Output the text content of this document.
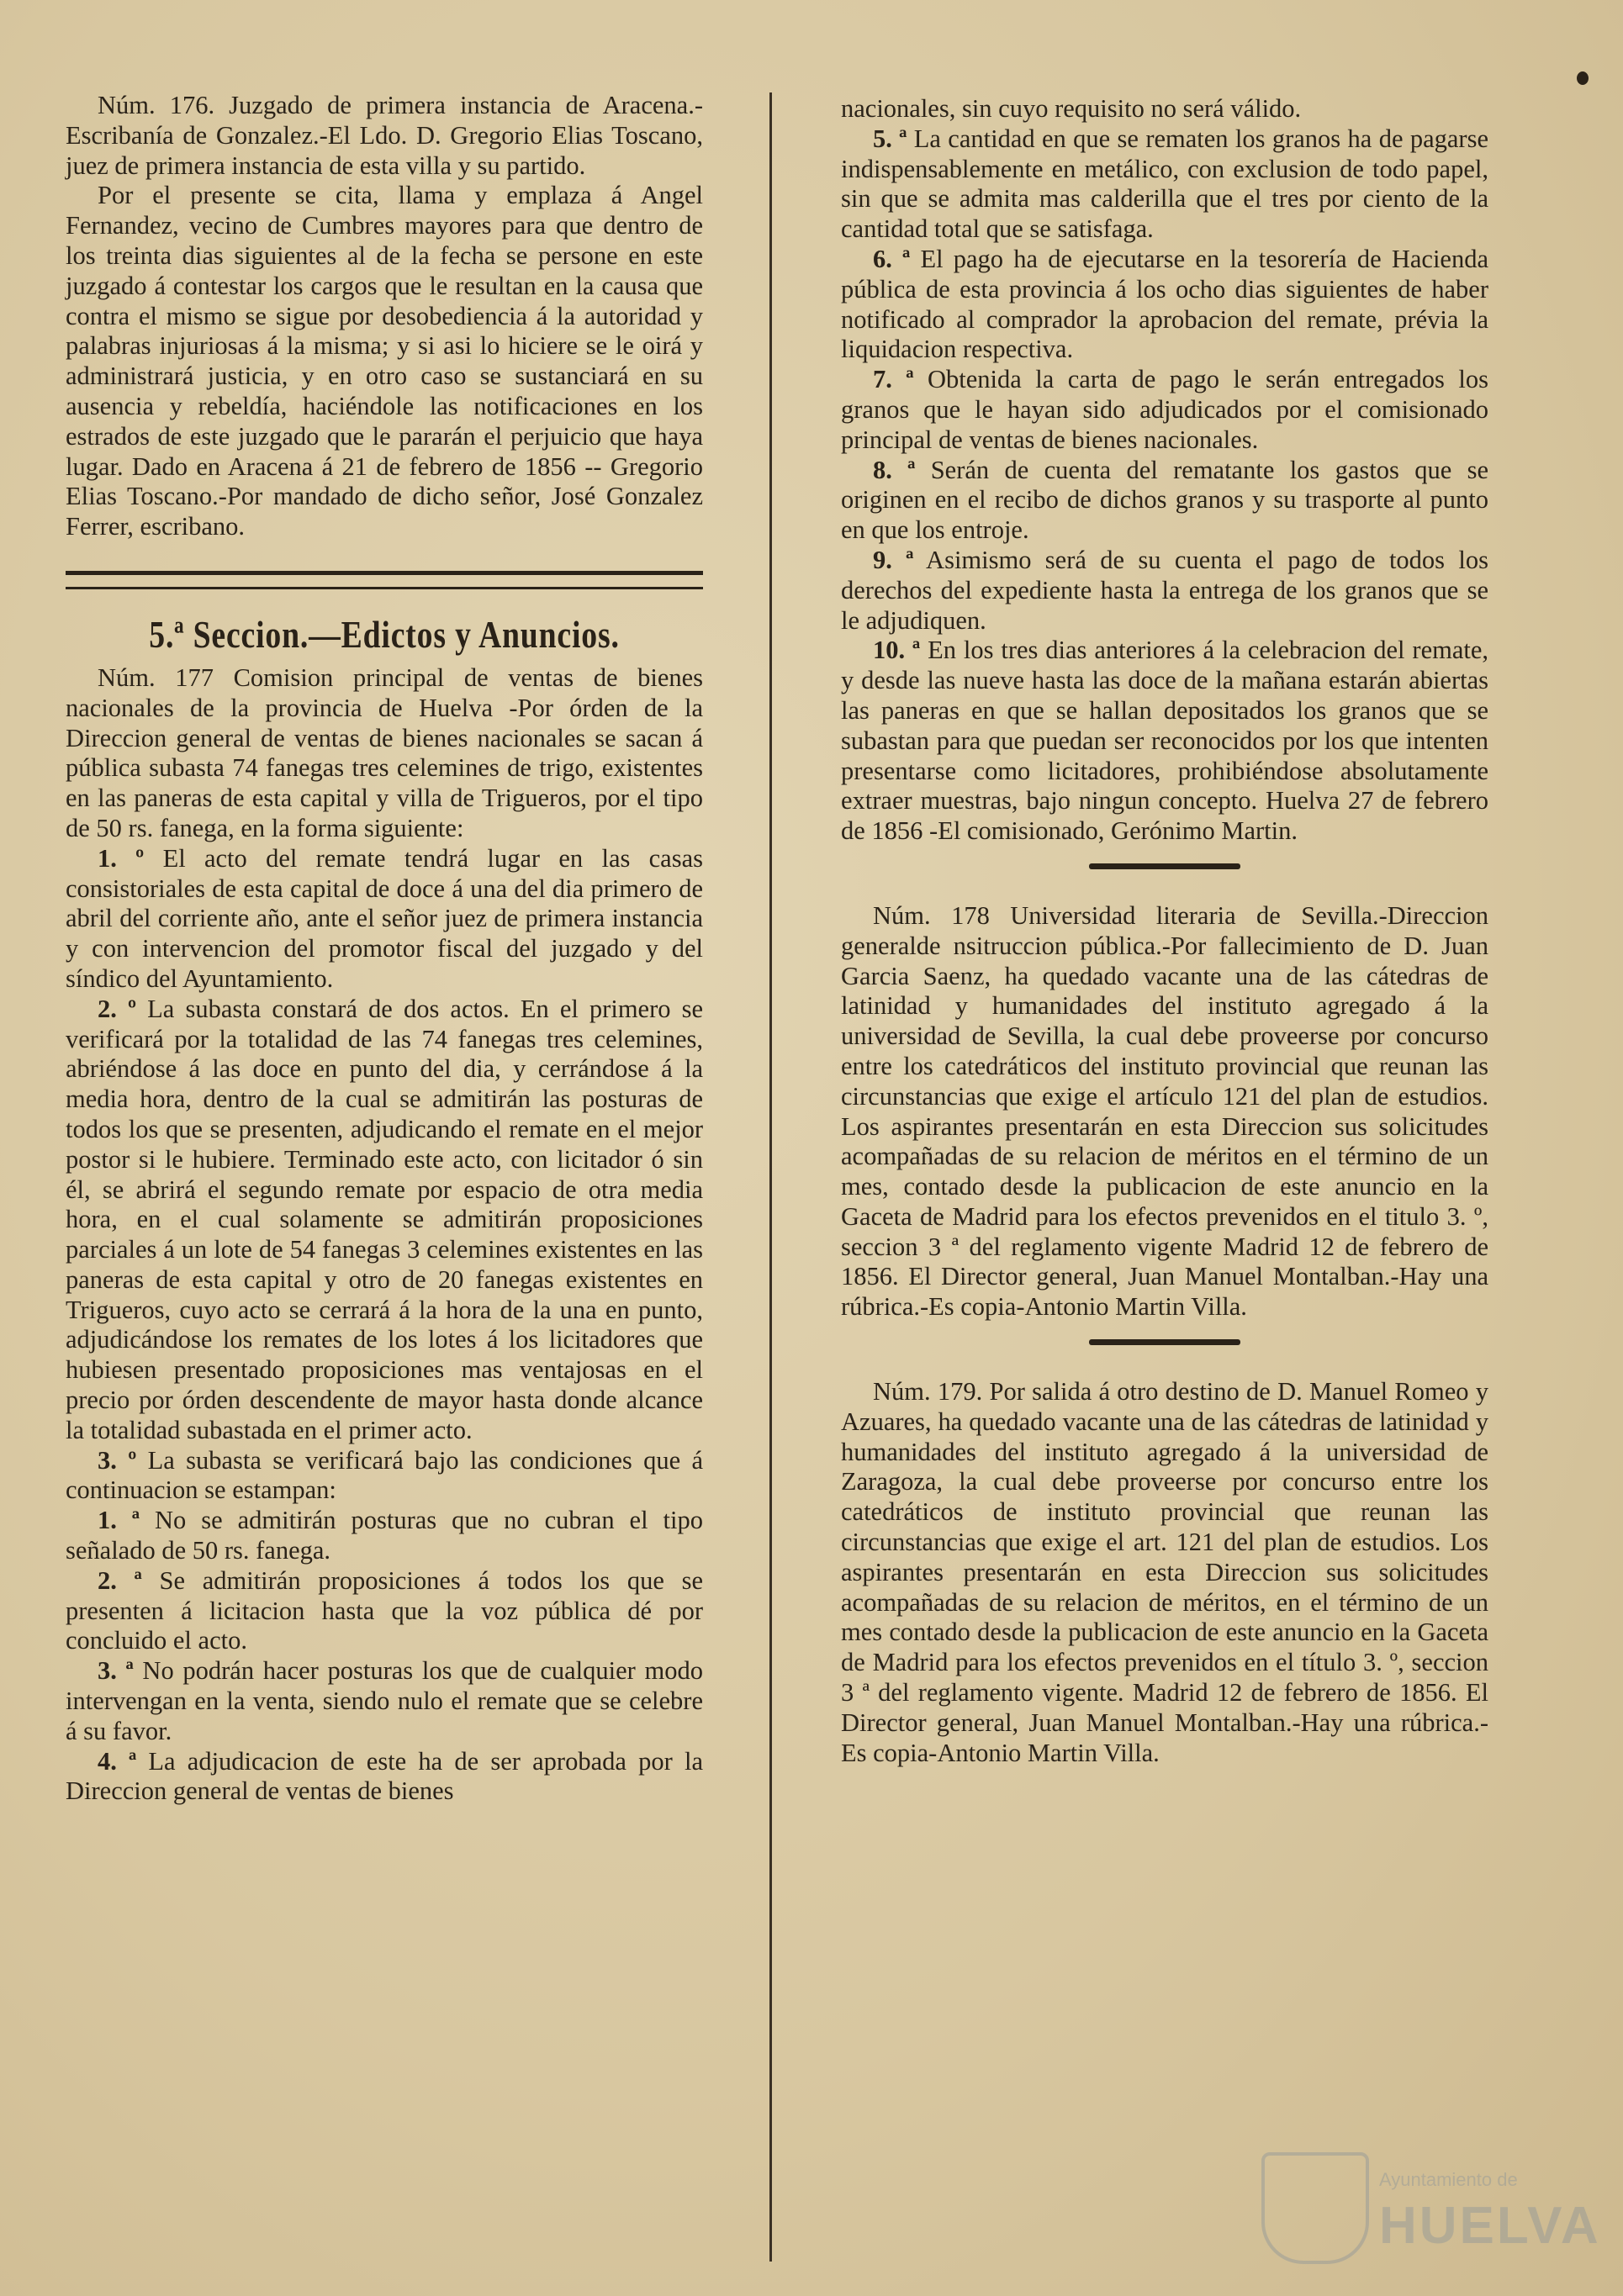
Núm. 176. Juzgado de primera instancia de Aracena.-Escribanía de Gonzalez.-El Ldo. D. Gregorio Elias Toscano, juez de primera instancia de esta villa y su partido.

Por el presente se cita, llama y emplaza á Angel Fernandez, vecino de Cumbres mayores para que dentro de los treinta dias siguientes al de la fecha se persone en este juzgado á contestar los cargos que le resultan en la causa que contra el mismo se sigue por desobediencia á la autoridad y palabras injuriosas á la misma; y si asi lo hiciere se le oirá y administrará justicia, y en otro caso se sustanciará en su ausencia y rebeldía, haciéndole las notificaciones en los estrados de este juzgado que le pararán el perjuicio que haya lugar. Dado en Aracena á 21 de febrero de 1856 -- Gregorio Elias Toscano.-Por mandado de dicho señor, José Gonzalez Ferrer, escribano.

5.ª Seccion.—Edictos y Anuncios.

Núm. 177 Comision principal de ventas de bienes nacionales de la provincia de Huelva -Por órden de la Direccion general de ventas de bienes nacionales se sacan á pública subasta 74 fanegas tres celemines de trigo, existentes en las paneras de esta capital y villa de Trigueros, por el tipo de 50 rs. fanega, en la forma siguiente:

1. º El acto del remate tendrá lugar en las casas consistoriales de esta capital de doce á una del dia primero de abril del corriente año, ante el señor juez de primera instancia y con intervencion del promotor fiscal del juzgado y del síndico del Ayuntamiento.

2. º La subasta constará de dos actos. En el primero se verificará por la totalidad de las 74 fanegas tres celemines, abriéndose á las doce en punto del dia, y cerrándose á la media hora, dentro de la cual se admitirán las posturas de todos los que se presenten, adjudicando el remate en el mejor postor si le hubiere. Terminado este acto, con licitador ó sin él, se abrirá el segundo remate por espacio de otra media hora, en el cual solamente se admitirán proposiciones parciales á un lote de 54 fanegas 3 celemines existentes en las paneras de esta capital y otro de 20 fanegas existentes en Trigueros, cuyo acto se cerrará á la hora de la una en punto, adjudicándose los remates de los lotes á los licitadores que hubiesen presentado proposiciones mas ventajosas en el precio por órden descendente de mayor hasta donde alcance la totalidad subastada en el primer acto.

3. º La subasta se verificará bajo las condiciones que á continuacion se estampan:

1. ª No se admitirán posturas que no cubran el tipo señalado de 50 rs. fanega.

2. ª Se admitirán proposiciones á todos los que se presenten á licitacion hasta que la voz pública dé por concluido el acto.

3. ª No podrán hacer posturas los que de cualquier modo intervengan en la venta, siendo nulo el remate que se celebre á su favor.

4. ª La adjudicacion de este ha de ser aprobada por la Direccion general de ventas de bienes

nacionales, sin cuyo requisito no será válido.

5. ª La cantidad en que se rematen los granos ha de pagarse indispensablemente en metálico, con exclusion de todo papel, sin que se admita mas calderilla que el tres por ciento de la cantidad total que se satisfaga.

6. ª El pago ha de ejecutarse en la tesorería de Hacienda pública de esta provincia á los ocho dias siguientes de haber notificado al comprador la aprobacion del remate, prévia la liquidacion respectiva.

7. ª Obtenida la carta de pago le serán entregados los granos que le hayan sido adjudicados por el comisionado principal de ventas de bienes nacionales.

8. ª Serán de cuenta del rematante los gastos que se originen en el recibo de dichos granos y su trasporte al punto en que los entroje.

9. ª Asimismo será de su cuenta el pago de todos los derechos del expediente hasta la entrega de los granos que se le adjudiquen.

10. ª En los tres dias anteriores á la celebracion del remate, y desde las nueve hasta las doce de la mañana estarán abiertas las paneras en que se hallan depositados los granos que se subastan para que puedan ser reconocidos por los que intenten presentarse como licitadores, prohibiéndose absolutamente extraer muestras, bajo ningun concepto. Huelva 27 de febrero de 1856 -El comisionado, Gerónimo Martin.

Núm. 178 Universidad literaria de Sevilla.-Direccion generalde nsitruccion pública.-Por fallecimiento de D. Juan Garcia Saenz, ha quedado vacante una de las cátedras de latinidad y humanidades del instituto agregado á la universidad de Sevilla, la cual debe proveerse por concurso entre los catedráticos del instituto provincial que reunan las circunstancias que exige el artículo 121 del plan de estudios. Los aspirantes presentarán en esta Direccion sus solicitudes acompañadas de su relacion de méritos en el término de un mes, contado desde la publicacion de este anuncio en la Gaceta de Madrid para los efectos prevenidos en el titulo 3. º, seccion 3 ª del reglamento vigente Madrid 12 de febrero de 1856. El Director general, Juan Manuel Montalban.-Hay una rúbrica.-Es copia-Antonio Martin Villa.

Núm. 179. Por salida á otro destino de D. Manuel Romeo y Azuares, ha quedado vacante una de las cátedras de latinidad y humanidades del instituto agregado á la universidad de Zaragoza, la cual debe proveerse por concurso entre los catedráticos de instituto provincial que reunan las circunstancias que exige el art. 121 del plan de estudios. Los aspirantes presentarán en esta Direccion sus solicitudes acompañadas de su relacion de méritos, en el término de un mes contado desde la publicacion de este anuncio en la Gaceta de Madrid para los efectos prevenidos en el título 3. º, seccion 3 ª del reglamento vigente. Madrid 12 de febrero de 1856. El Director general, Juan Manuel Montalban.-Hay una rúbrica.-Es copia-Antonio Martin Villa.

Ayuntamiento de
HUELVA
